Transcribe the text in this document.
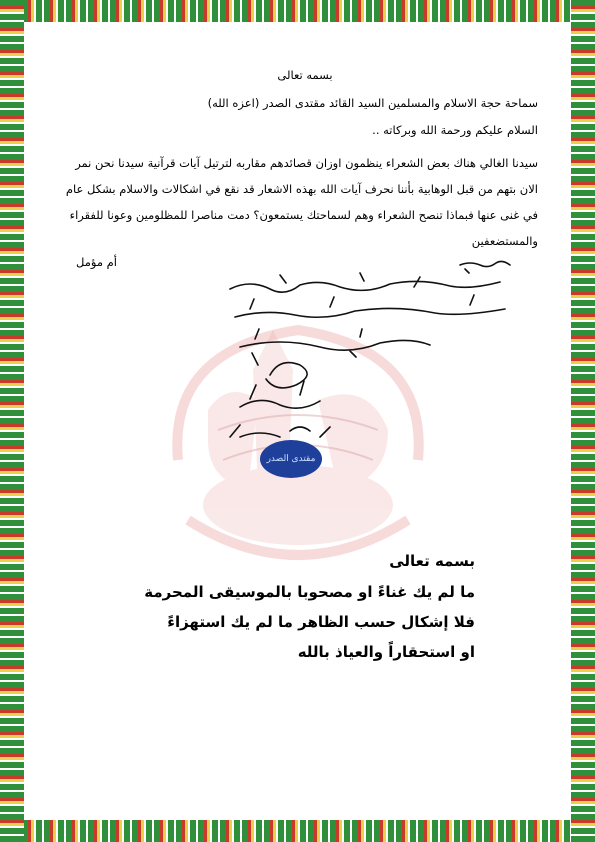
بسمه تعالى
سماحة حجة الاسلام والمسلمين السيد القائد مقتدى الصدر (اعزه الله)
السلام عليكم ورحمة الله وبركاته ..
سيدنا الغالي هناك بعض الشعراء ينظمون اوزان قصائدهم مقاربه لترتيل آيات قرآنية سيدنا نحن نمر
الان بتهم من قبل الوهابية بأننا نحرف آيات الله بهذه الاشعار قد نقع في اشكالات والاسلام بشكل عام
في غنى عنها فبماذا تنصح الشعراء وهم لسماحتك يستمعون؟ دمت مناصرا للمظلومين وعونا للفقراء
والمستضعفين
أم مؤمل
مقتدى الصدر
بسمه تعالى
ما لم يك غناءً او مصحوبا بالموسيقى المحرمة
فلا إشكال حسب الظاهر ما لم يك استهزاءً
او استحقاراً والعياذ بالله
